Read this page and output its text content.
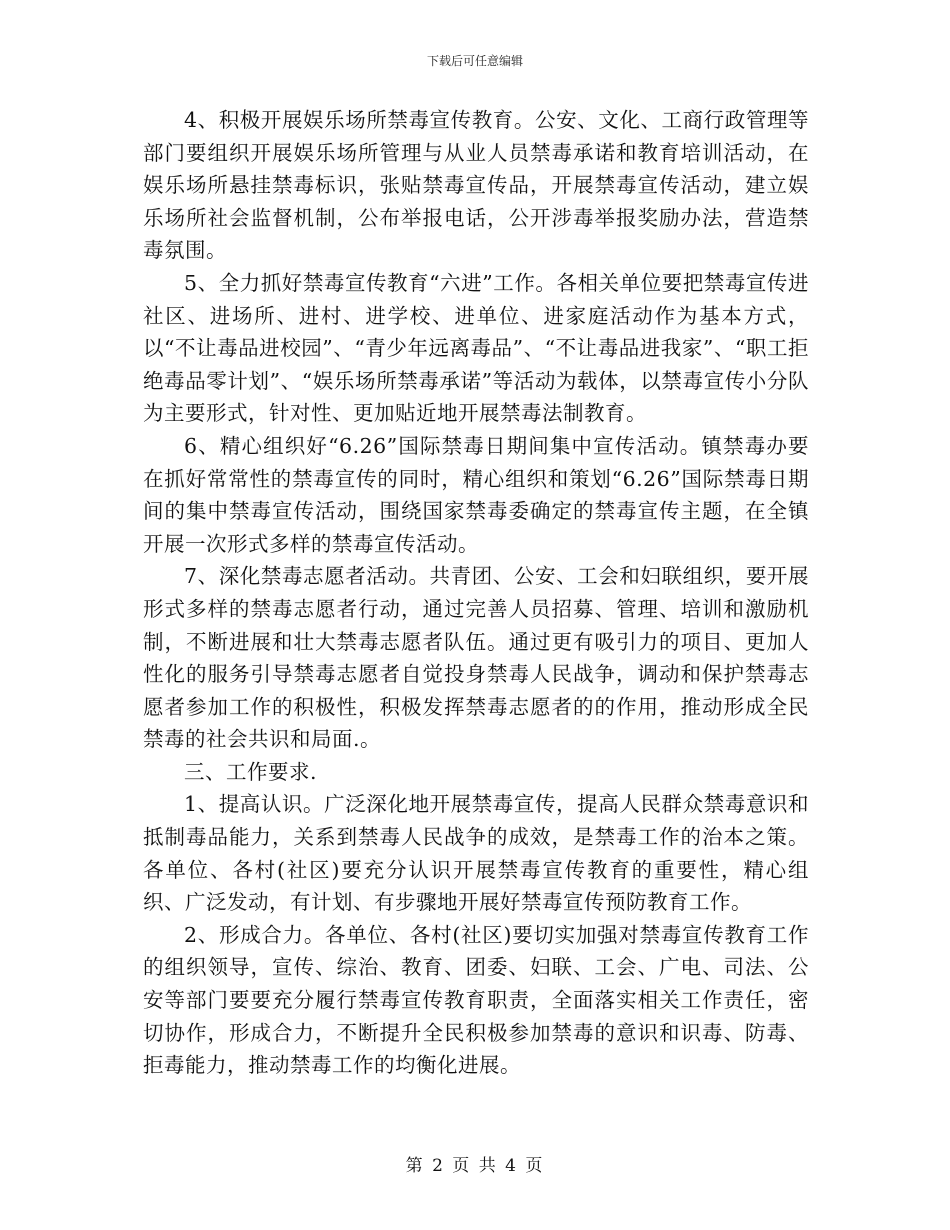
下载后可任意编辑

4、积极开展娱乐场所禁毒宣传教育。公安、文化、工商行政管理等部门要组织开展娱乐场所管理与从业人员禁毒承诺和教育培训活动，在娱乐场所悬挂禁毒标识，张贴禁毒宣传品，开展禁毒宣传活动，建立娱乐场所社会监督机制，公布举报电话，公开涉毒举报奖励办法，营造禁毒氛围。

5、全力抓好禁毒宣传教育“六进”工作。各相关单位要把禁毒宣传进社区、进场所、进村、进学校、进单位、进家庭活动作为基本方式，以“不让毒品进校园”、“青少年远离毒品”、“不让毒品进我家”、“职工拒绝毒品零计划”、“娱乐场所禁毒承诺”等活动为载体，以禁毒宣传小分队为主要形式，针对性、更加贴近地开展禁毒法制教育。

6、精心组织好“6.26”国际禁毒日期间集中宣传活动。镇禁毒办要在抓好常常性的禁毒宣传的同时，精心组织和策划“6.26”国际禁毒日期间的集中禁毒宣传活动，围绕国家禁毒委确定的禁毒宣传主题，在全镇开展一次形式多样的禁毒宣传活动。

7、深化禁毒志愿者活动。共青团、公安、工会和妇联组织，要开展形式多样的禁毒志愿者行动，通过完善人员招募、管理、培训和激励机制，不断进展和壮大禁毒志愿者队伍。通过更有吸引力的项目、更加人性化的服务引导禁毒志愿者自觉投身禁毒人民战争，调动和保护禁毒志愿者参加工作的积极性，积极发挥禁毒志愿者的的作用，推动形成全民禁毒的社会共识和局面.。

三、工作要求.

1、提高认识。广泛深化地开展禁毒宣传，提高人民群众禁毒意识和抵制毒品能力，关系到禁毒人民战争的成效，是禁毒工作的治本之策。各单位、各村(社区)要充分认识开展禁毒宣传教育的重要性，精心组织、广泛发动，有计划、有步骤地开展好禁毒宣传预防教育工作。

2、形成合力。各单位、各村(社区)要切实加强对禁毒宣传教育工作的组织领导，宣传、综治、教育、团委、妇联、工会、广电、司法、公安等部门要要充分履行禁毒宣传教育职责，全面落实相关工作责任，密切协作，形成合力，不断提升全民积极参加禁毒的意识和识毒、防毒、拒毒能力，推动禁毒工作的均衡化进展。

第 2 页 共 4 页
